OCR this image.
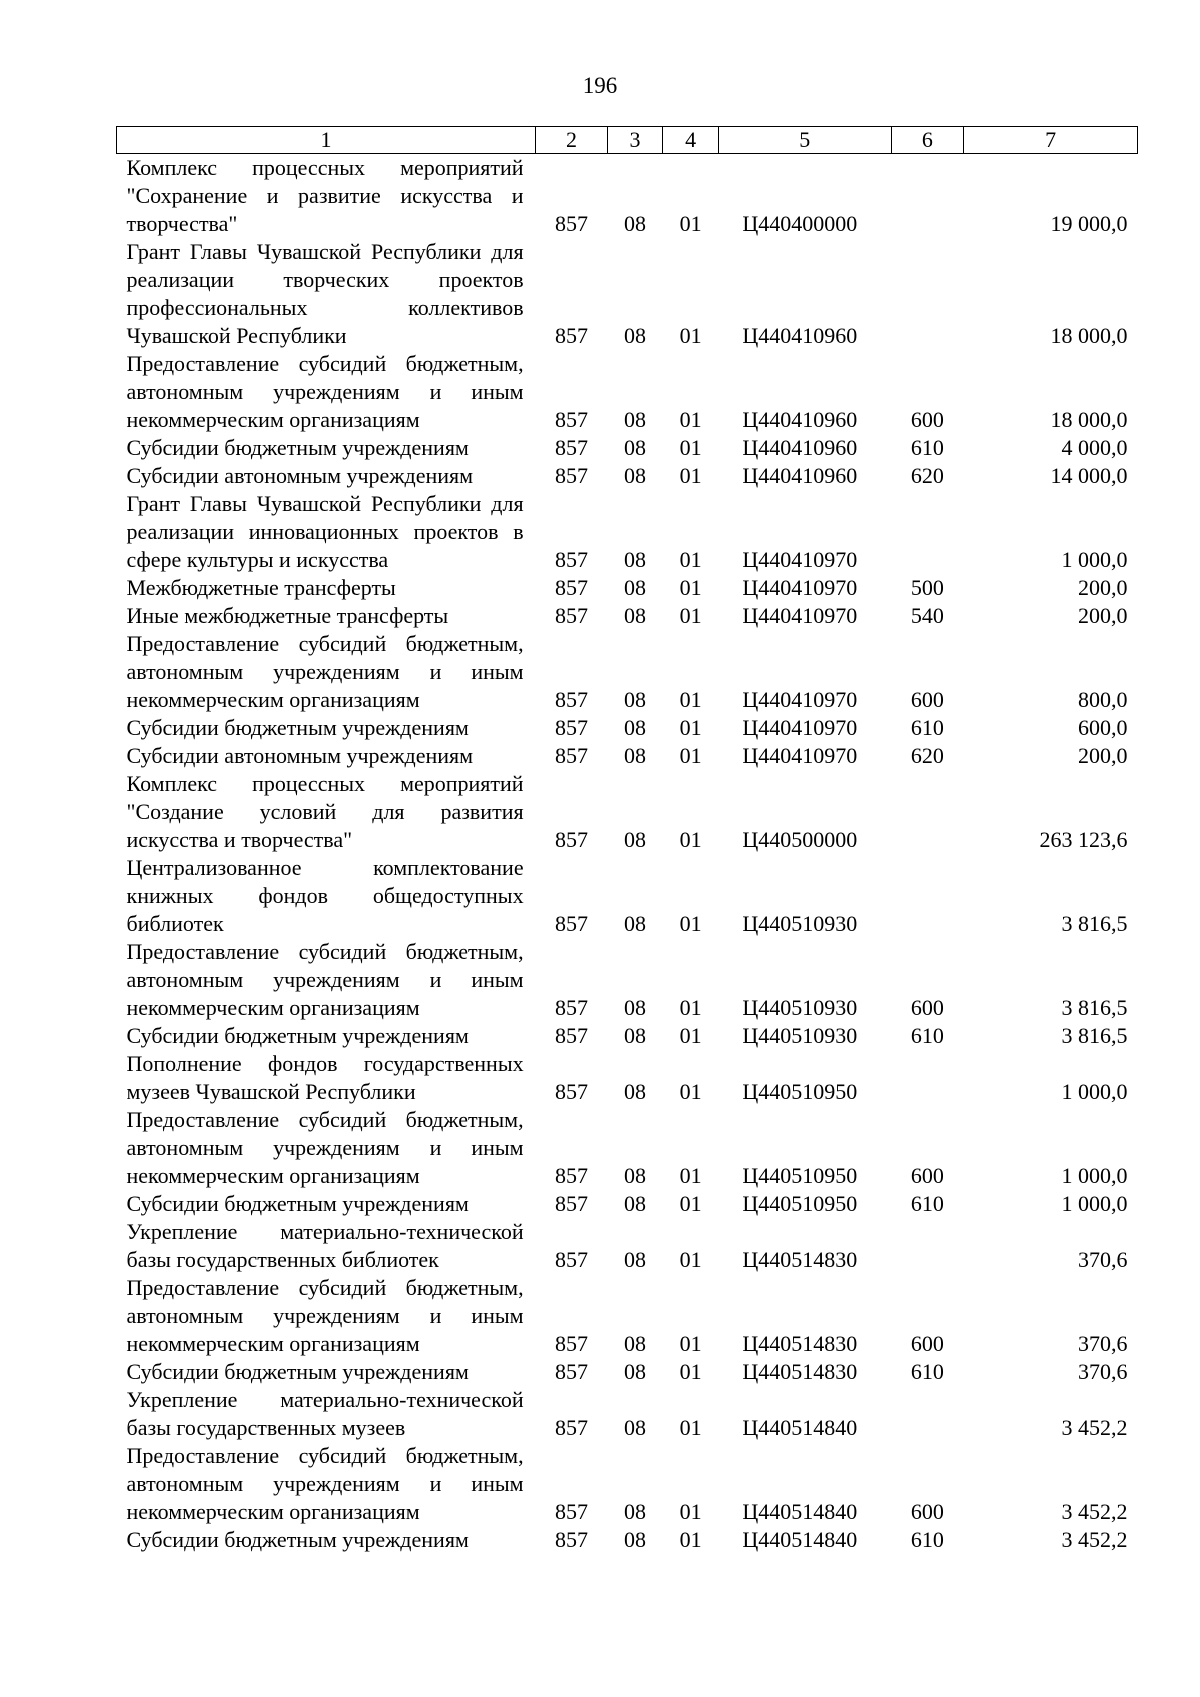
196
1	2	3	4	5	6	7
Комплекс процессных мероприятий "Сохранение и развитие искусства и творчества"	857	08	01	Ц440400000		19 000,0
Грант Главы Чувашской Республики для реализации творческих проектов профессиональных коллективов Чувашской Республики	857	08	01	Ц440410960		18 000,0
Предоставление субсидий бюджетным, автономным учреждениям и иным некоммерческим организациям	857	08	01	Ц440410960	600	18 000,0
Субсидии бюджетным учреждениям	857	08	01	Ц440410960	610	4 000,0
Субсидии автономным учреждениям	857	08	01	Ц440410960	620	14 000,0
Грант Главы Чувашской Республики для реализации инновационных проектов в сфере культуры и искусства	857	08	01	Ц440410970		1 000,0
Межбюджетные трансферты	857	08	01	Ц440410970	500	200,0
Иные межбюджетные трансферты	857	08	01	Ц440410970	540	200,0
Предоставление субсидий бюджетным, автономным учреждениям и иным некоммерческим организациям	857	08	01	Ц440410970	600	800,0
Субсидии бюджетным учреждениям	857	08	01	Ц440410970	610	600,0
Субсидии автономным учреждениям	857	08	01	Ц440410970	620	200,0
Комплекс процессных мероприятий "Создание условий для развития искусства и творчества"	857	08	01	Ц440500000		263 123,6
Централизованное комплектование книжных фондов общедоступных библиотек	857	08	01	Ц440510930		3 816,5
Предоставление субсидий бюджетным, автономным учреждениям и иным некоммерческим организациям	857	08	01	Ц440510930	600	3 816,5
Субсидии бюджетным учреждениям	857	08	01	Ц440510930	610	3 816,5
Пополнение фондов государственных музеев Чувашской Республики	857	08	01	Ц440510950		1 000,0
Предоставление субсидий бюджетным, автономным учреждениям и иным некоммерческим организациям	857	08	01	Ц440510950	600	1 000,0
Субсидии бюджетным учреждениям	857	08	01	Ц440510950	610	1 000,0
Укрепление материально-технической базы государственных библиотек	857	08	01	Ц440514830		370,6
Предоставление субсидий бюджетным, автономным учреждениям и иным некоммерческим организациям	857	08	01	Ц440514830	600	370,6
Субсидии бюджетным учреждениям	857	08	01	Ц440514830	610	370,6
Укрепление материально-технической базы государственных музеев	857	08	01	Ц440514840		3 452,2
Предоставление субсидий бюджетным, автономным учреждениям и иным некоммерческим организациям	857	08	01	Ц440514840	600	3 452,2
Субсидии бюджетным учреждениям	857	08	01	Ц440514840	610	3 452,2
